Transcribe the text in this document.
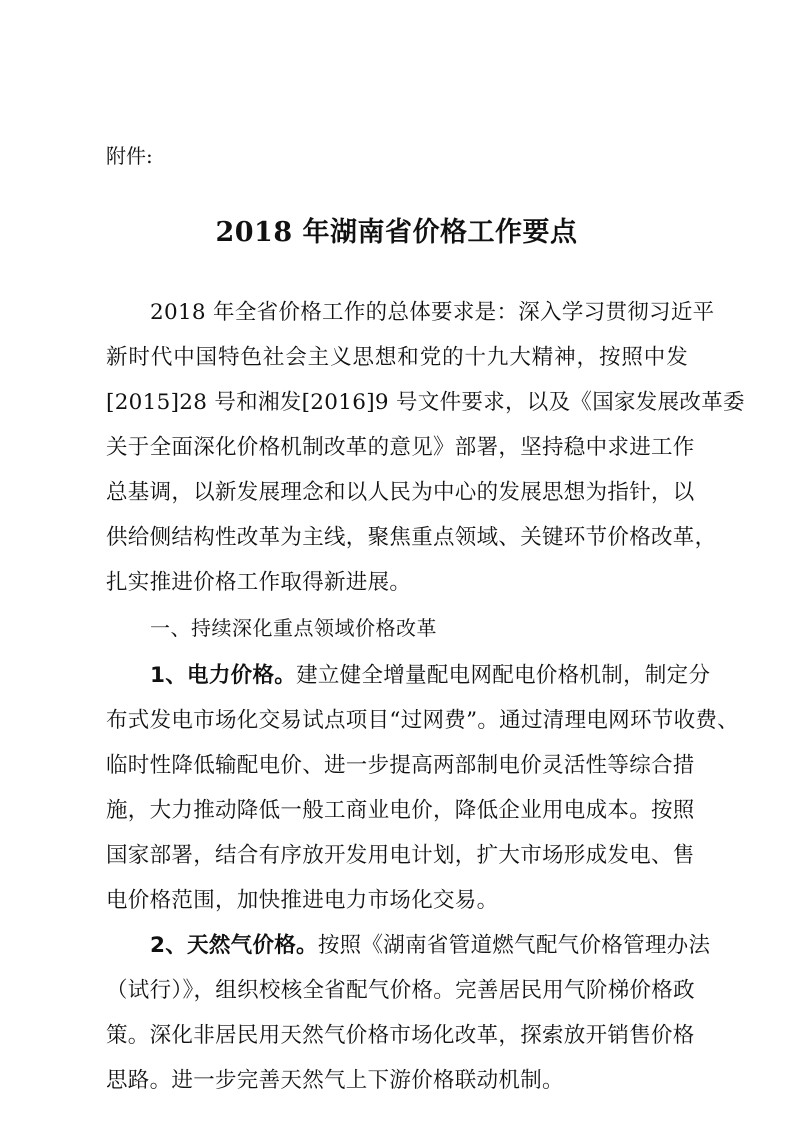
附件:
2018 年湖南省价格工作要点
2018 年全省价格工作的总体要求是：深入学习贯彻习近平
新时代中国特色社会主义思想和党的十九大精神，按照中发
[2015]28 号和湘发[2016]9 号文件要求，以及《国家发展改革委
关于全面深化价格机制改革的意见》部署，坚持稳中求进工作
总基调，以新发展理念和以人民为中心的发展思想为指针，以
供给侧结构性改革为主线，聚焦重点领域、关键环节价格改革，
扎实推进价格工作取得新进展。
一、持续深化重点领域价格改革
1、电力价格。建立健全增量配电网配电价格机制，制定分
布式发电市场化交易试点项目“过网费”。通过清理电网环节收费、
临时性降低输配电价、进一步提高两部制电价灵活性等综合措
施，大力推动降低一般工商业电价，降低企业用电成本。按照
国家部署，结合有序放开发用电计划，扩大市场形成发电、售
电价格范围，加快推进电力市场化交易。
2、天然气价格。按照《湖南省管道燃气配气价格管理办法
（试行）》，组织校核全省配气价格。完善居民用气阶梯价格政
策。深化非居民用天然气价格市场化改革，探索放开销售价格
思路。进一步完善天然气上下游价格联动机制。
